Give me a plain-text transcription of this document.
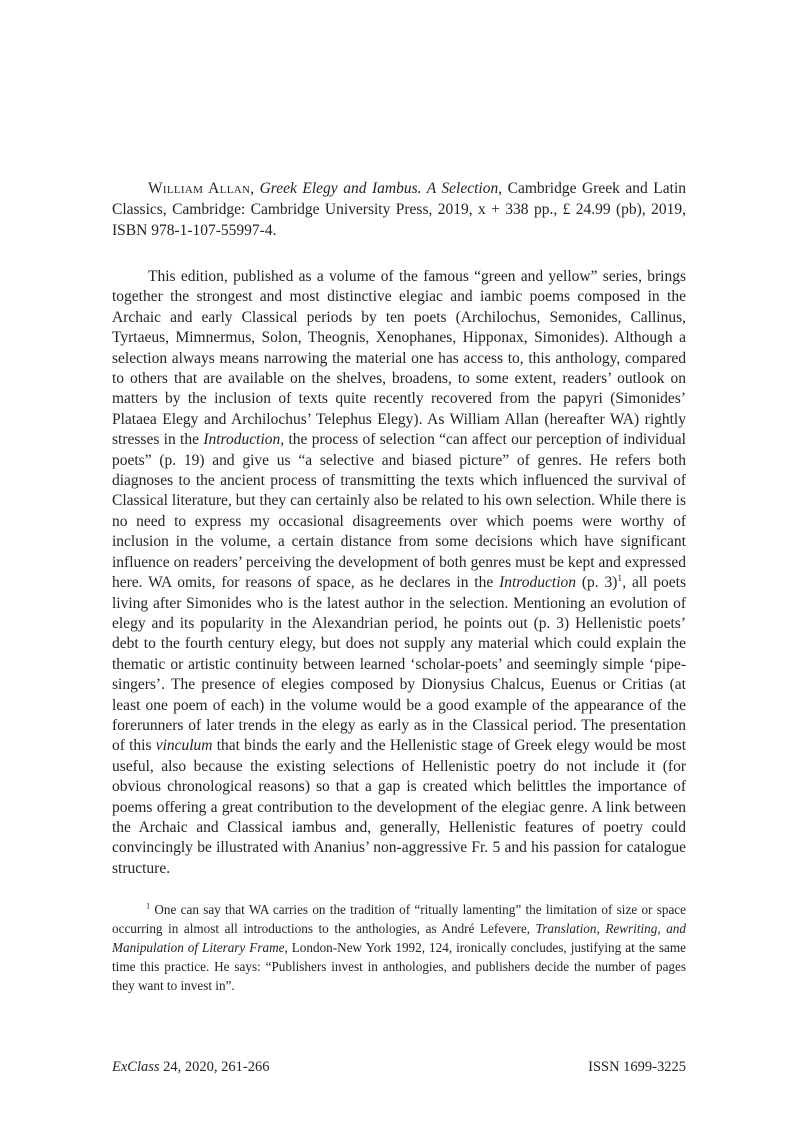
William Allan, Greek Elegy and Iambus. A Selection, Cambridge Greek and Latin Classics, Cambridge: Cambridge University Press, 2019, x + 338 pp., £ 24.99 (pb), 2019, ISBN 978-1-107-55997-4.

This edition, published as a volume of the famous “green and yellow” series, brings together the strongest and most distinctive elegiac and iambic poems composed in the Archaic and early Classical periods by ten poets (Archilochus, Semonides, Callinus, Tyrtaeus, Mimnermus, Solon, Theognis, Xenophanes, Hipponax, Simonides). Although a selection always means narrowing the material one has access to, this anthology, compared to others that are available on the shelves, broadens, to some extent, readers’ outlook on matters by the inclusion of texts quite recently recovered from the papyri (Simonides’ Plataea Elegy and Archilochus’ Telephus Elegy). As William Allan (hereafter WA) rightly stresses in the Introduction, the process of selection “can affect our perception of individual poets” (p. 19) and give us “a selective and biased picture” of genres. He refers both diagnoses to the ancient process of transmitting the texts which influenced the survival of Classical literature, but they can certainly also be related to his own selection. While there is no need to express my occasional disagreements over which poems were worthy of inclusion in the volume, a certain distance from some decisions which have significant influence on readers’ perceiving the development of both genres must be kept and expressed here. WA omits, for reasons of space, as he declares in the Introduction (p. 3)$^1$, all poets living after Simonides who is the latest author in the selection. Mentioning an evolution of elegy and its popularity in the Alexandrian period, he points out (p. 3) Hellenistic poets’ debt to the fourth century elegy, but does not supply any material which could explain the thematic or artistic continuity between learned ‘scholar-poets’ and seemingly simple ‘pipe-singers’. The presence of elegies composed by Dionysius Chalcus, Euenus or Critias (at least one poem of each) in the volume would be a good example of the appearance of the forerunners of later trends in the elegy as early as in the Classical period. The presentation of this vinculum that binds the early and the Hellenistic stage of Greek elegy would be most useful, also because the existing selections of Hellenistic poetry do not include it (for obvious chronological reasons) so that a gap is created which belittles the importance of poems offering a great contribution to the development of the elegiac genre. A link between the Archaic and Classical iambus and, generally, Hellenistic features of poetry could convincingly be illustrated with Ananius’ non-aggressive Fr. 5 and his passion for catalogue structure.

$^1$ One can say that WA carries on the tradition of “ritually lamenting” the limitation of size or space occurring in almost all introductions to the anthologies, as André Lefevere, Translation, Rewriting, and Manipulation of Literary Frame, London-New York 1992, 124, ironically concludes, justifying at the same time this practice. He says: “Publishers invest in anthologies, and publishers decide the number of pages they want to invest in”.
ExClass 24, 2020, 261-266	ISSN 1699-3225
